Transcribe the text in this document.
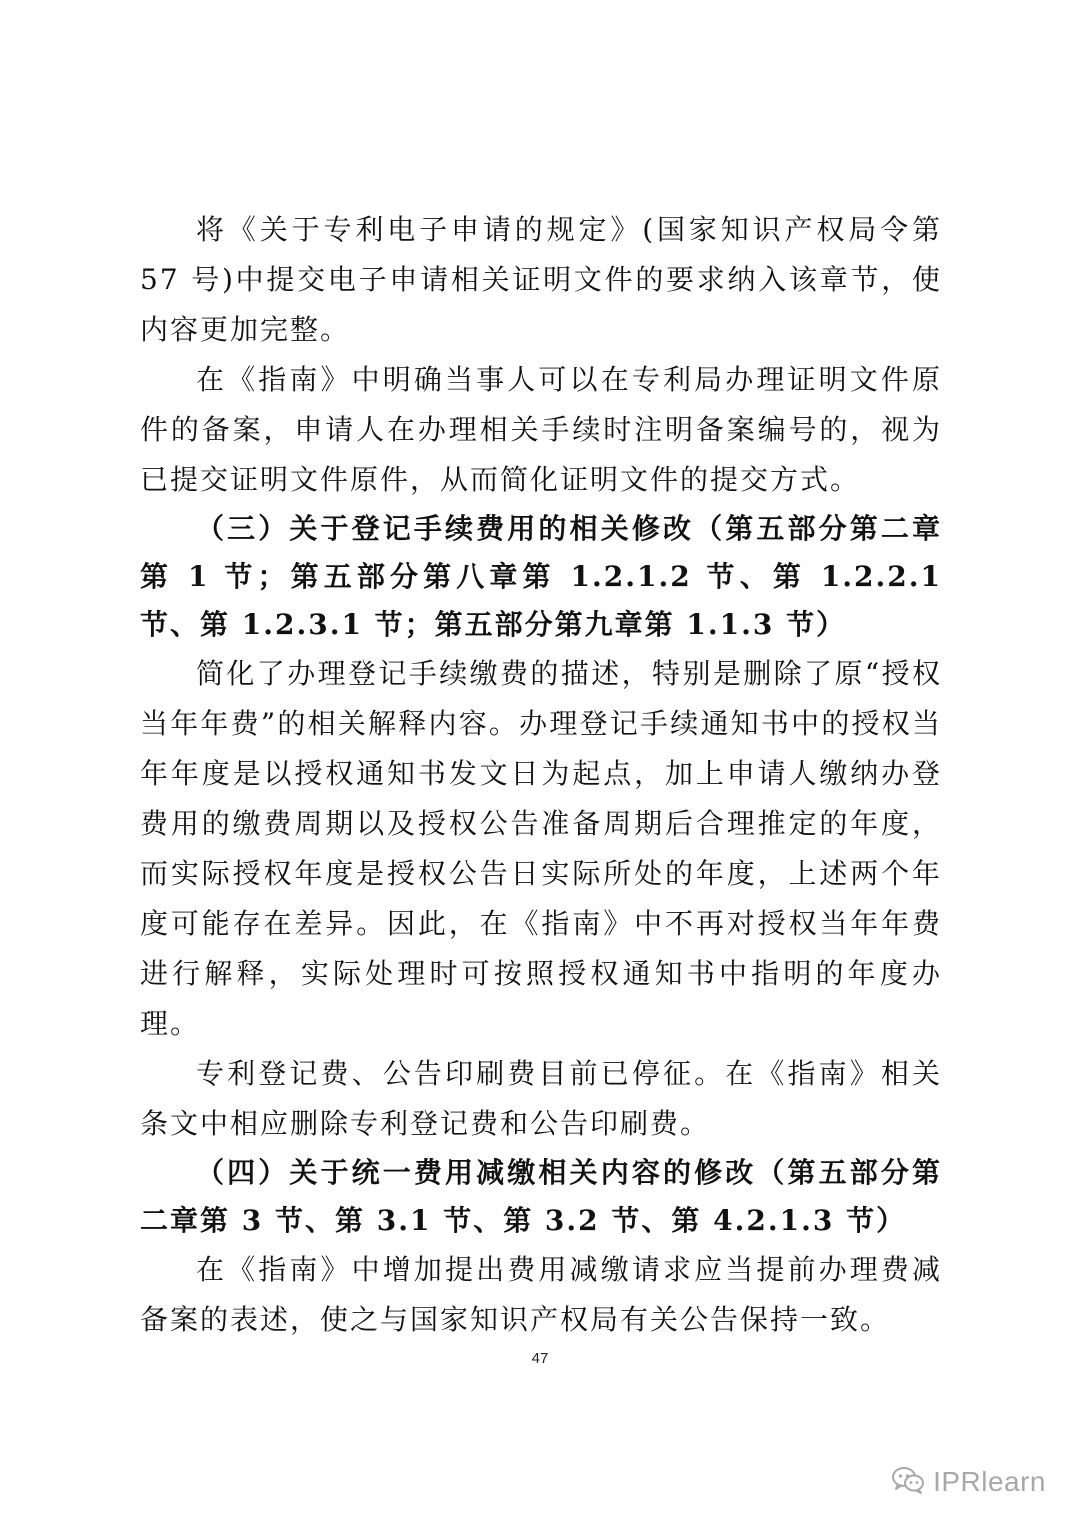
将《关于专利电子申请的规定》(国家知识产权局令第 57 号)中提交电子申请相关证明文件的要求纳入该章节，使内容更加完整。

在《指南》中明确当事人可以在专利局办理证明文件原件的备案，申请人在办理相关手续时注明备案编号的，视为已提交证明文件原件，从而简化证明文件的提交方式。

（三）关于登记手续费用的相关修改（第五部分第二章第 1 节；第五部分第八章第 1.2.1.2 节、第 1.2.2.1 节、第 1.2.3.1 节；第五部分第九章第 1.1.3 节）

简化了办理登记手续缴费的描述，特别是删除了原“授权当年年费”的相关解释内容。办理登记手续通知书中的授权当年年度是以授权通知书发文日为起点，加上申请人缴纳办登费用的缴费周期以及授权公告准备周期后合理推定的年度，而实际授权年度是授权公告日实际所处的年度，上述两个年度可能存在差异。因此，在《指南》中不再对授权当年年费进行解释，实际处理时可按照授权通知书中指明的年度办理。

专利登记费、公告印刷费目前已停征。在《指南》相关条文中相应删除专利登记费和公告印刷费。

（四）关于统一费用减缴相关内容的修改（第五部分第二章第 3 节、第 3.1 节、第 3.2 节、第 4.2.1.3 节）

在《指南》中增加提出费用减缴请求应当提前办理费减备案的表述，使之与国家知识产权局有关公告保持一致。

47
IPRlearn
